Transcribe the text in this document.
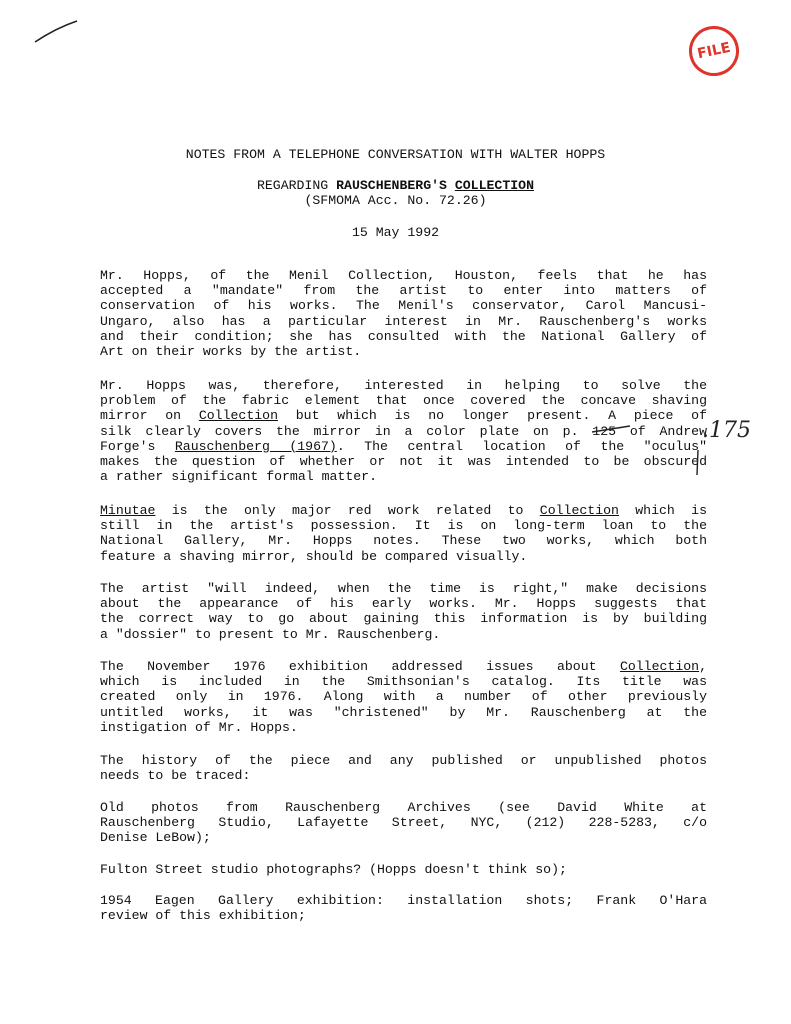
FILE
NOTES FROM A TELEPHONE CONVERSATION WITH WALTER HOPPS
REGARDING RAUSCHENBERG'S COLLECTION
(SFMOMA Acc. No. 72.26)
15 May 1992
Mr. Hopps, of the Menil Collection, Houston, feels that he has
accepted a "mandate" from the artist to enter into matters of
conservation of his works. The Menil's conservator, Carol Mancusi-
Ungaro, also has a particular interest in Mr. Rauschenberg's works
and their condition; she has consulted with the National Gallery of
Art on their works by the artist.
Mr. Hopps was, therefore, interested in helping to solve the
problem of the fabric element that once covered the concave shaving
mirror on Collection but which is no longer present. A piece of
silk clearly covers the mirror in a color plate on p. 125 of Andrew
Forge's Rauschenberg (1967). The central location of the "oculus"
makes the question of whether or not it was intended to be obscured
a rather significant formal matter.
.175
Minutae is the only major red work related to Collection which is
still in the artist's possession. It is on long-term loan to the
National Gallery, Mr. Hopps notes. These two works, which both
feature a shaving mirror, should be compared visually.
The artist "will indeed, when the time is right," make decisions
about the appearance of his early works. Mr. Hopps suggests that
the correct way to go about gaining this information is by building
a "dossier" to present to Mr. Rauschenberg.
The November 1976 exhibition addressed issues about Collection,
which is included in the Smithsonian's catalog. Its title was
created only in 1976. Along with a number of other previously
untitled works, it was "christened" by Mr. Rauschenberg at the
instigation of Mr. Hopps.
The history of the piece and any published or unpublished photos
needs to be traced:
Old photos from Rauschenberg Archives (see David White at
Rauschenberg Studio, Lafayette Street, NYC, (212) 228-5283, c/o
Denise LeBow);
Fulton Street studio photographs? (Hopps doesn't think so);
1954 Eagen Gallery exhibition: installation shots; Frank O'Hara
review of this exhibition;
